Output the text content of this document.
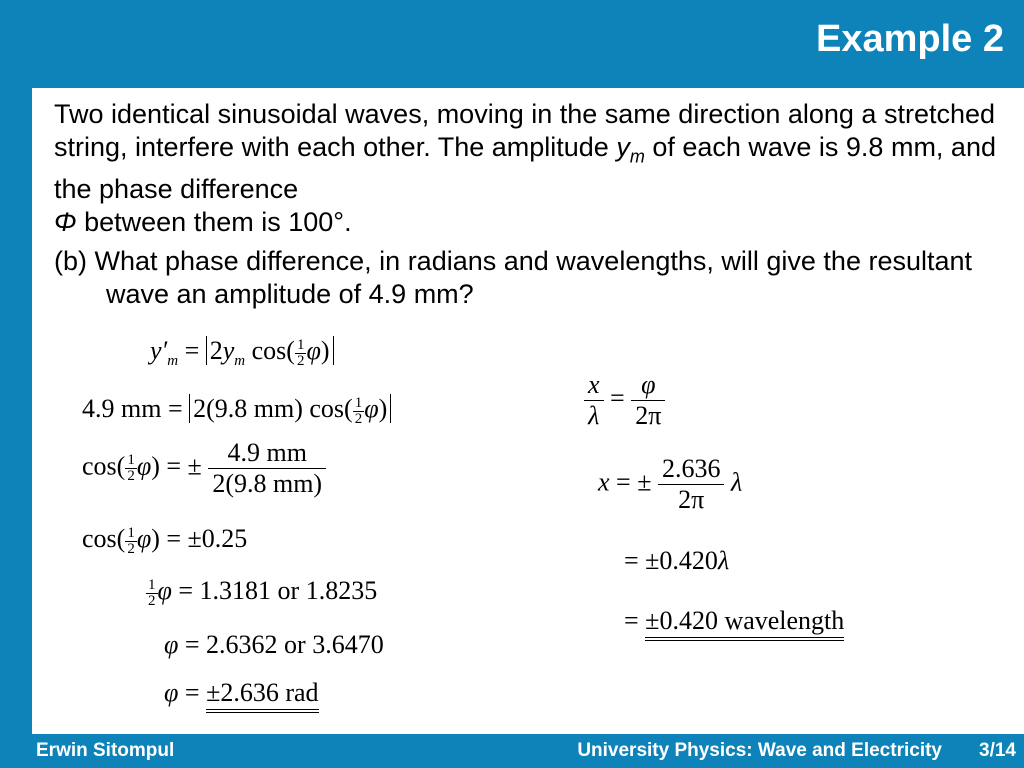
Example 2

Two identical sinusoidal waves, moving in the same direction along a stretched string, interfere with each other. The amplitude $y_m$ of each wave is 9.8 mm, and the phase difference
Φ between them is 100°.

(b) What phase difference, in radians and wavelengths, will give the resultant wave an amplitude of 4.9 mm?

$y'_m = 2y_m$ $\cos( \frac{1}{2} \varphi)$
4.9 mm = 2(9.8 mm) $\cos( \frac{1}{2} \varphi)$
$\cos( \frac{1}{2} \varphi)$ = ± $\frac{4.9 mm}{2(9.8 mm)}$
$\cos( \frac{1}{2} \varphi) = \pm 0.25$
$\frac{1}{2}$ φ = 1.3181 or 1.8235
φ = 2.6362 or 3.6470
φ = ±2.636 rad
$\frac{x}{\lambda} = \frac{\varphi}{2\pi}$
x = ± $\frac{2.636}{2\pi}$ λ
= ±0.420λ
= ±0.420 wavelength
Erwin Sitompul	University Physics: Wave and Electricity 3/14
